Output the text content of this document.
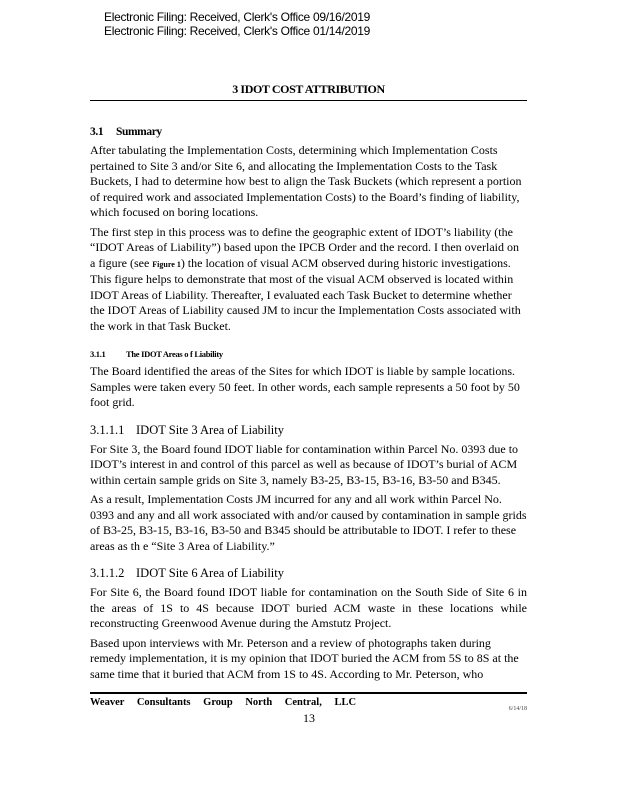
Electronic Filing: Received, Clerk's Office 09/16/2019
Electronic Filing: Received, Clerk's Office 01/14/2019
3 IDOT COST ATTRIBUTION
3.1 Summary

After tabulating the Implementation Costs, determining which Implementation Costs pertained to Site 3 and/or Site 6, and allocating the Implementation Costs to the Task Buckets, I had to determine how best to align the Task Buckets (which represent a portion of required work and associated Implementation Costs) to the Board’s finding of liability, which focused on boring locations.

The first step in this process was to define the geographic extent of IDOT’s liability (the “IDOT Areas of Liability”) based upon the IPCB Order and the record. I then overlaid on a figure (see Figure 1) the location of visual ACM observed during historic investigations. This figure helps to demonstrate that most of the visual ACM observed is located within IDOT Areas of Liability. Thereafter, I evaluated each Task Bucket to determine whether the IDOT Areas of Liability caused JM to incur the Implementation Costs associated with the work in that Task Bucket.

3.1.1 The IDOT Areas o f Liability

The Board identified the areas of the Sites for which IDOT is liable by sample locations. Samples were taken every 50 feet. In other words, each sample represents a 50 foot by 50 foot grid.

3.1.1.1 IDOT Site 3 Area of Liability

For Site 3, the Board found IDOT liable for contamination within Parcel No. 0393 due to IDOT’s interest in and control of this parcel as well as because of IDOT’s burial of ACM within certain sample grids on Site 3, namely B3-25, B3-15, B3-16, B3-50 and B345.

As a result, Implementation Costs JM incurred for any and all work within Parcel No. 0393 and any and all work associated with and/or caused by contamination in sample grids of B3-25, B3-15, B3-16, B3-50 and B345 should be attributable to IDOT. I refer to these areas as th e “Site 3 Area of Liability.”

3.1.1.2 IDOT Site 6 Area of Liability

For Site 6, the Board found IDOT liable for contamination on the South Side of Site 6 in the areas of 1S to 4S because IDOT buried ACM waste in these locations while reconstructing Greenwood Avenue during the Amstutz Project.

Based upon interviews with Mr. Peterson and a review of photographs taken during remedy implementation, it is my opinion that IDOT buried the ACM from 5S to 8S at the same time that it buried that ACM from 1S to 4S. According to Mr. Peterson, who

Weaver Consultants Group North Central, LLC
6/14/18
13
